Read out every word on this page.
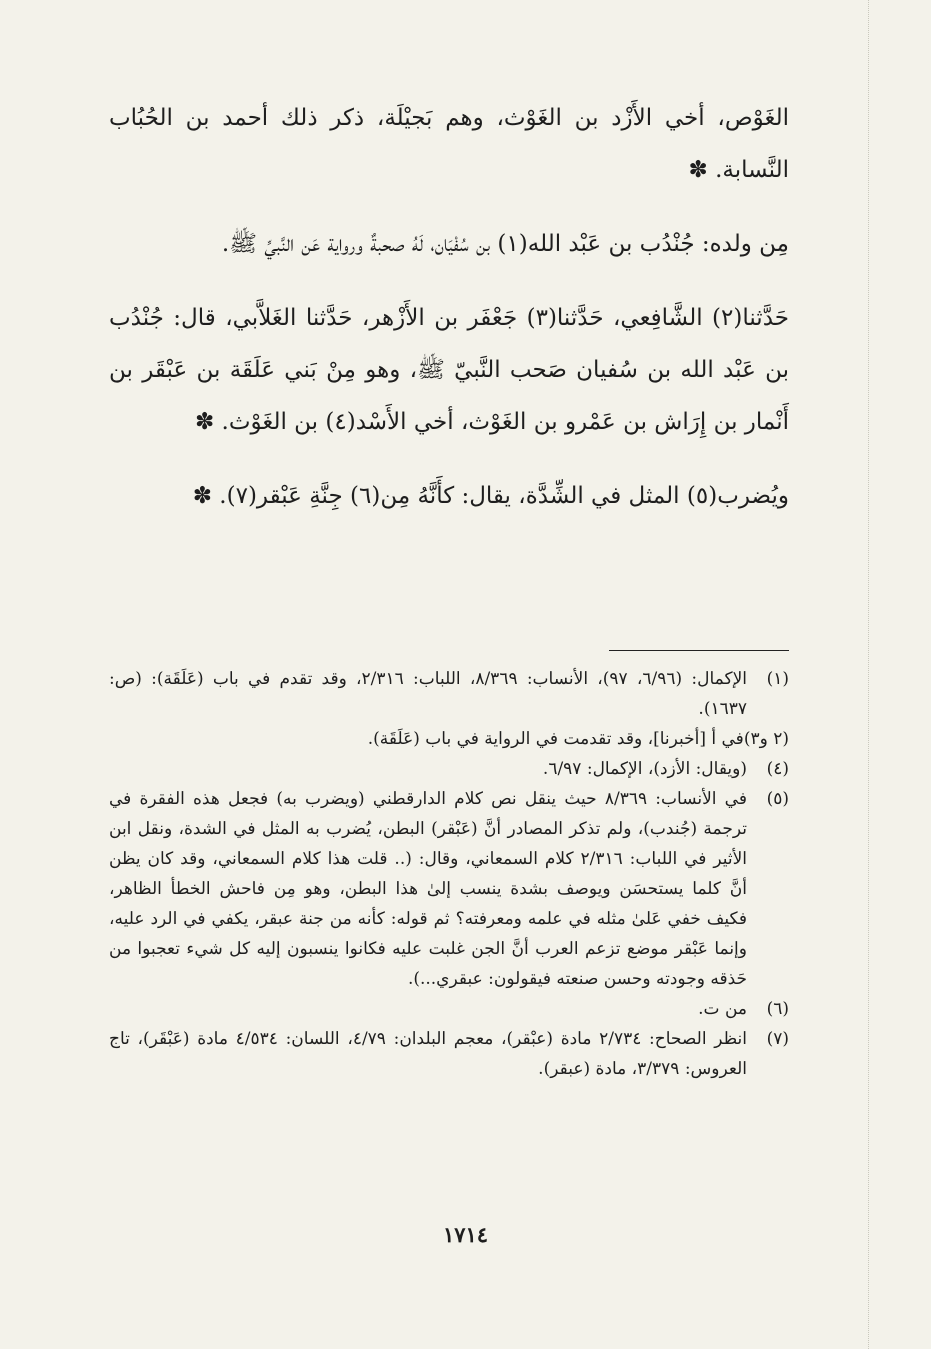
الغَوْص، أخي الأَزْد بن الغَوْث، وهم بَجيْلَة، ذكر ذلك أحمد بن الحُبُاب النَّسابة. ✽

مِن ولده: جُنْدُب بن عَبْد الله(١) بن سُفْيَان، لَهُ صحبةٌ ورواية عَن النَّبيِّ ﷺ.

حَدَّثنا(٢) الشَّافِعي، حَدَّثنا(٣) جَعْفَر بن الأَزْهر، حَدَّثنا الغَلاَّبي، قال: جُنْدُب بن عَبْد الله بن سُفيان صَحب النَّبيّ ﷺ، وهو مِنْ بَني عَلَقَة بن عَبْقَر بن أَنْمار بن إِرَاش بن عَمْرو بن الغَوْث، أخي الأَسْد(٤) بن الغَوْث. ✽

ويُضرب(٥) المثل في الشِّدَّة، يقال: كأَنَّهُ مِن(٦) جِنَّةِ عَبْقر(٧). ✽

(١)
الإكمال: (٦/٩٦، ٩٧)، الأنساب: ٨/٣٦٩، اللباب: ٢/٣١٦، وقد تقدم في باب (عَلَقَة): (ص: ١٦٣٧).
(٢ و٣)
في أ [أخبرنا]، وقد تقدمت في الرواية في باب (عَلَقَة).
(٤)
(ويقال: الأزد)، الإكمال: ٦/٩٧.
(٥)
في الأنساب: ٨/٣٦٩ حيث ينقل نص كلام الدارقطني (ويضرب به) فجعل هذه الفقرة في ترجمة (جُندب)، ولم تذكر المصادر أنَّ (عَبْقر) البطن، يُضرب به المثل في الشدة، ونقل ابن الأثير في اللباب: ٢/٣١٦ كلام السمعاني، وقال: (.. قلت هذا كلام السمعاني، وقد كان يظن أنَّ كلما يستحسَن ويوصف بشدة ينسب إلىٰ هذا البطن، وهو مِن فاحش الخطأ الظاهر، فكيف خفي عَلىٰ مثله في علمه ومعرفته؟ ثم قوله: كأنه من جنة عبقر، يكفي في الرد عليه، وإنما عَبْقر موضع تزعم العرب أنَّ الجن غلبت عليه فكانوا ينسبون إليه كل شيء تعجبوا من حَذقه وجودته وحسن صنعته فيقولون: عبقري...).
(٦)
من ت.
(٧)
انظر الصحاح: ٢/٧٣٤ مادة (عبْقر)، معجم البلدان: ٤/٧٩، اللسان: ٤/٥٣٤ مادة (عَبْقَر)، تاج العروس: ٣/٣٧٩، مادة (عبقر).
١٧١٤
